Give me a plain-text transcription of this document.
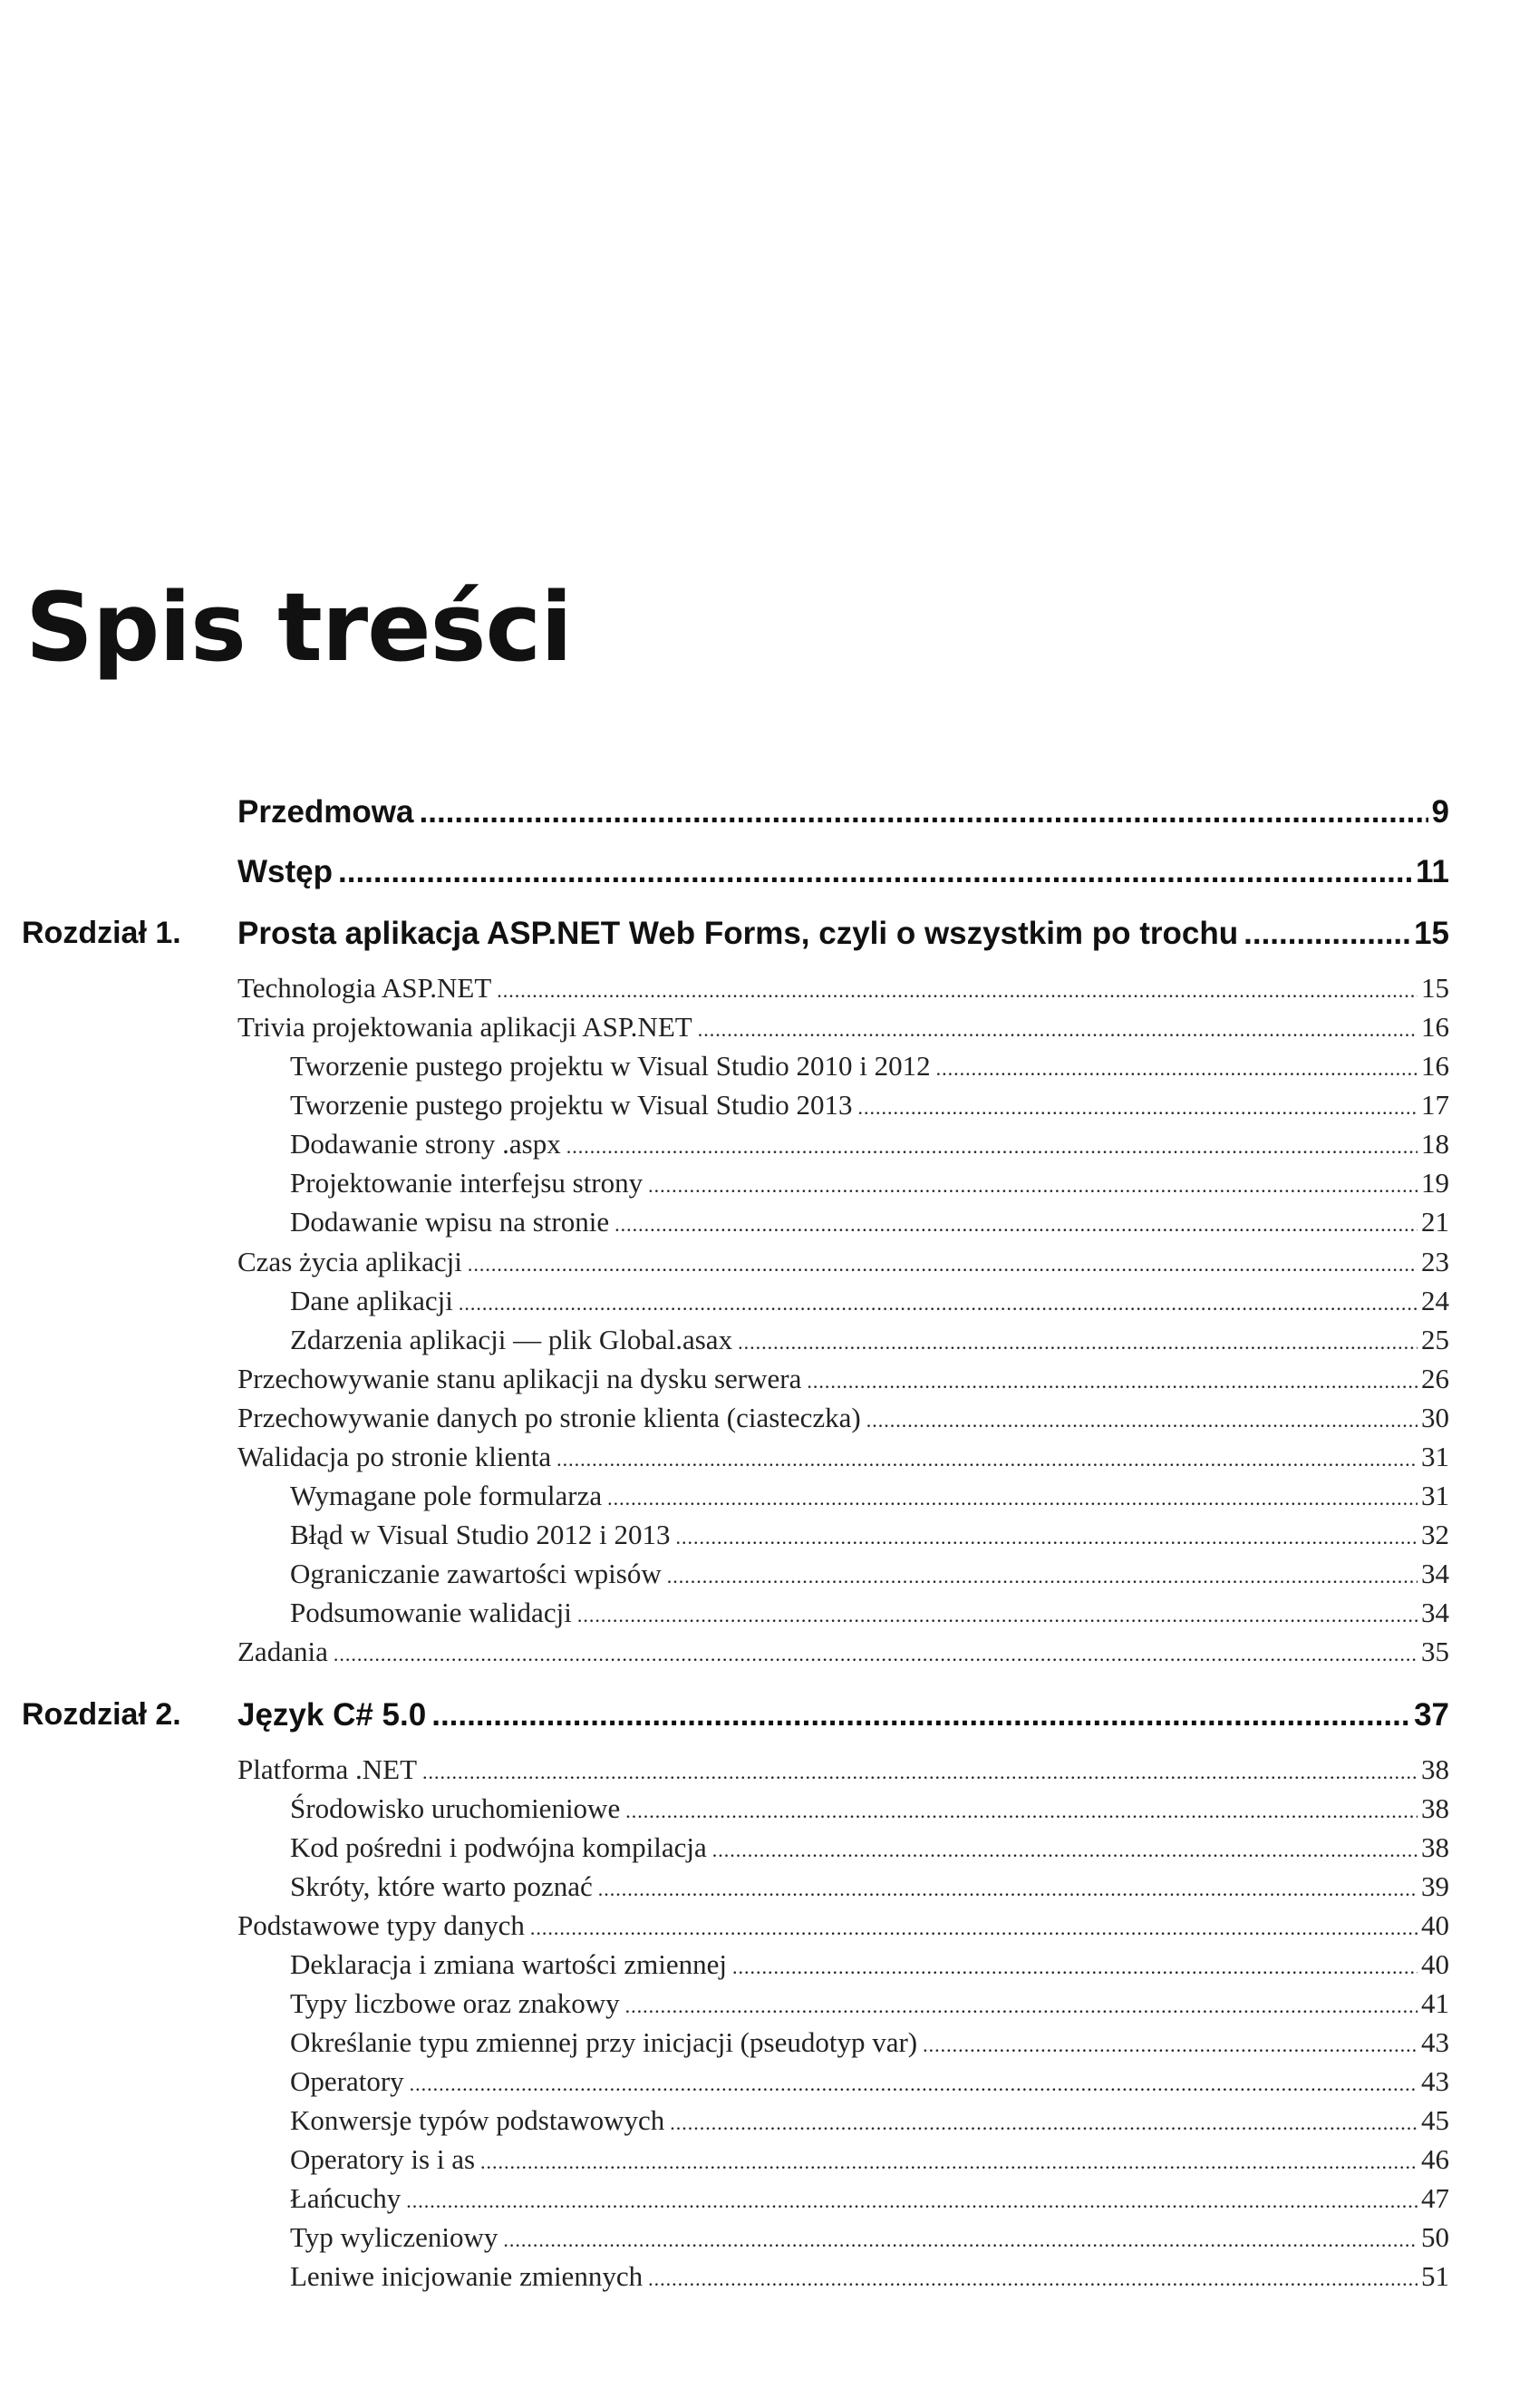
Spis treści
Przedmowa .....	9
Wstęp .....	11
Rozdział 1. Prosta aplikacja ASP.NET Web Forms, czyli o wszystkim po trochu .....	15
Technologia ASP.NET .....	15
Trivia projektowania aplikacji ASP.NET .....	16
Tworzenie pustego projektu w Visual Studio 2010 i 2012 .....	16
Tworzenie pustego projektu w Visual Studio 2013 .....	17
Dodawanie strony .aspx .....	18
Projektowanie interfejsu strony .....	19
Dodawanie wpisu na stronie .....	21
Czas życia aplikacji .....	23
Dane aplikacji .....	24
Zdarzenia aplikacji — plik Global.asax .....	25
Przechowywanie stanu aplikacji na dysku serwera .....	26
Przechowywanie danych po stronie klienta (ciasteczka) .....	30
Walidacja po stronie klienta .....	31
Wymagane pole formularza .....	31
Błąd w Visual Studio 2012 i 2013 .....	32
Ograniczanie zawartości wpisów .....	34
Podsumowanie walidacji .....	34
Zadania .....	35
Rozdział 2. Język C# 5.0 .....	37
Platforma .NET .....	38
Środowisko uruchomieniowe .....	38
Kod pośredni i podwójna kompilacja .....	38
Skróty, które warto poznać .....	39
Podstawowe typy danych .....	40
Deklaracja i zmiana wartości zmiennej .....	40
Typy liczbowe oraz znakowy .....	41
Określanie typu zmiennej przy inicjacji (pseudotyp var) .....	43
Operatory .....	43
Konwersje typów podstawowych .....	45
Operatory is i as .....	46
Łańcuchy .....	47
Typ wyliczeniowy .....	50
Leniwe inicjowanie zmiennych .....	51
